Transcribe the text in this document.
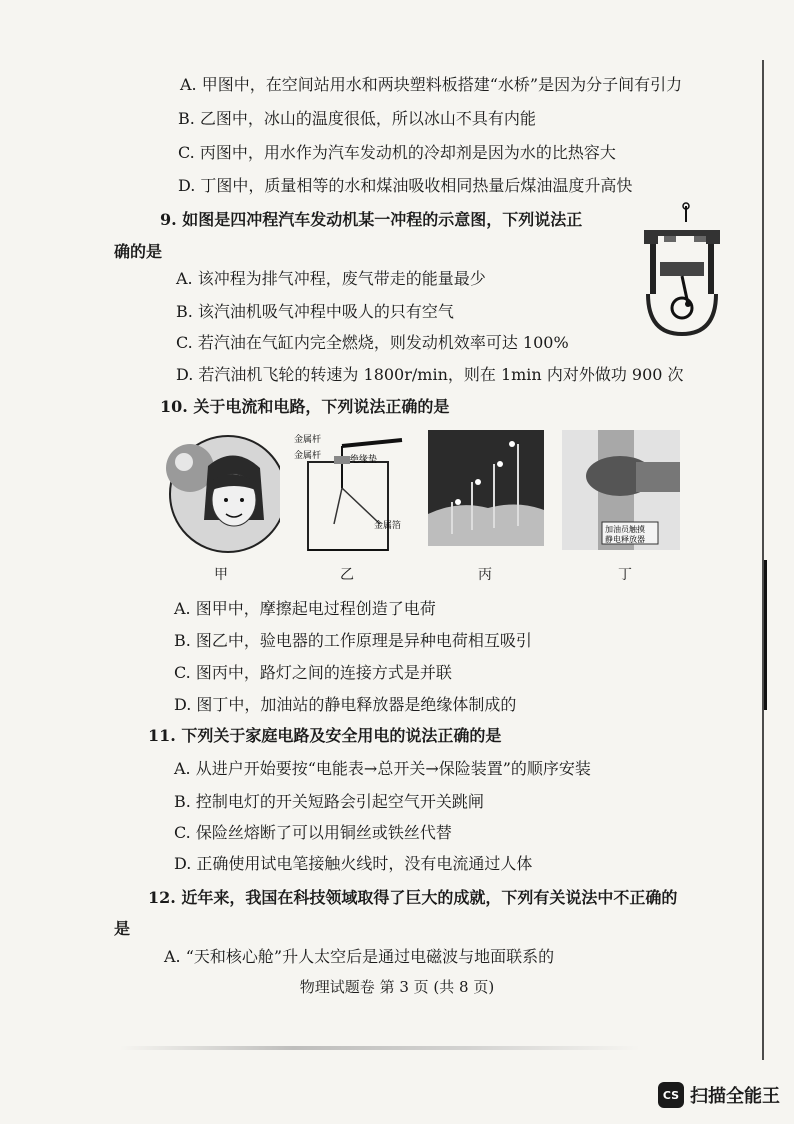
A. 甲图中，在空间站用水和两块塑料板搭建“水桥”是因为分子间有引力
B. 乙图中，冰山的温度很低，所以冰山不具有内能
C. 丙图中，用水作为汽车发动机的冷却剂是因为水的比热容大
D. 丁图中，质量相等的水和煤油吸收相同热量后煤油温度升高快
9. 如图是四冲程汽车发动机某一冲程的示意图，下列说法正
确的是
A. 该冲程为排气冲程，废气带走的能量最少
B. 该汽油机吸气冲程中吸人的只有空气
C. 若汽油在气缸内完全燃烧，则发动机效率可达 100%
D. 若汽油机飞轮的转速为 1800r/min，则在 1min 内对外做功 900 次
10. 关于电流和电路，下列说法正确的是
金属杆
金属杆	绝缘垫
金属箔	加油员触摸
静电释放器
甲	乙	丙	丁
A. 图甲中，摩擦起电过程创造了电荷
B. 图乙中，验电器的工作原理是异种电荷相互吸引
C. 图丙中，路灯之间的连接方式是并联
D. 图丁中，加油站的静电释放器是绝缘体制成的
11. 下列关于家庭电路及安全用电的说法正确的是
A. 从进户开始要按“电能表→总开关→保险装置”的顺序安装
B. 控制电灯的开关短路会引起空气开关跳闸
C. 保险丝熔断了可以用铜丝或铁丝代替
D. 正确使用试电笔接触火线时，没有电流通过人体
12. 近年来，我国在科技领域取得了巨大的成就，下列有关说法中不正确的
是
A. “天和核心舱”升人太空后是通过电磁波与地面联系的
物理试题卷 第 3 页 (共 8 页)
CS 扫描全能王
